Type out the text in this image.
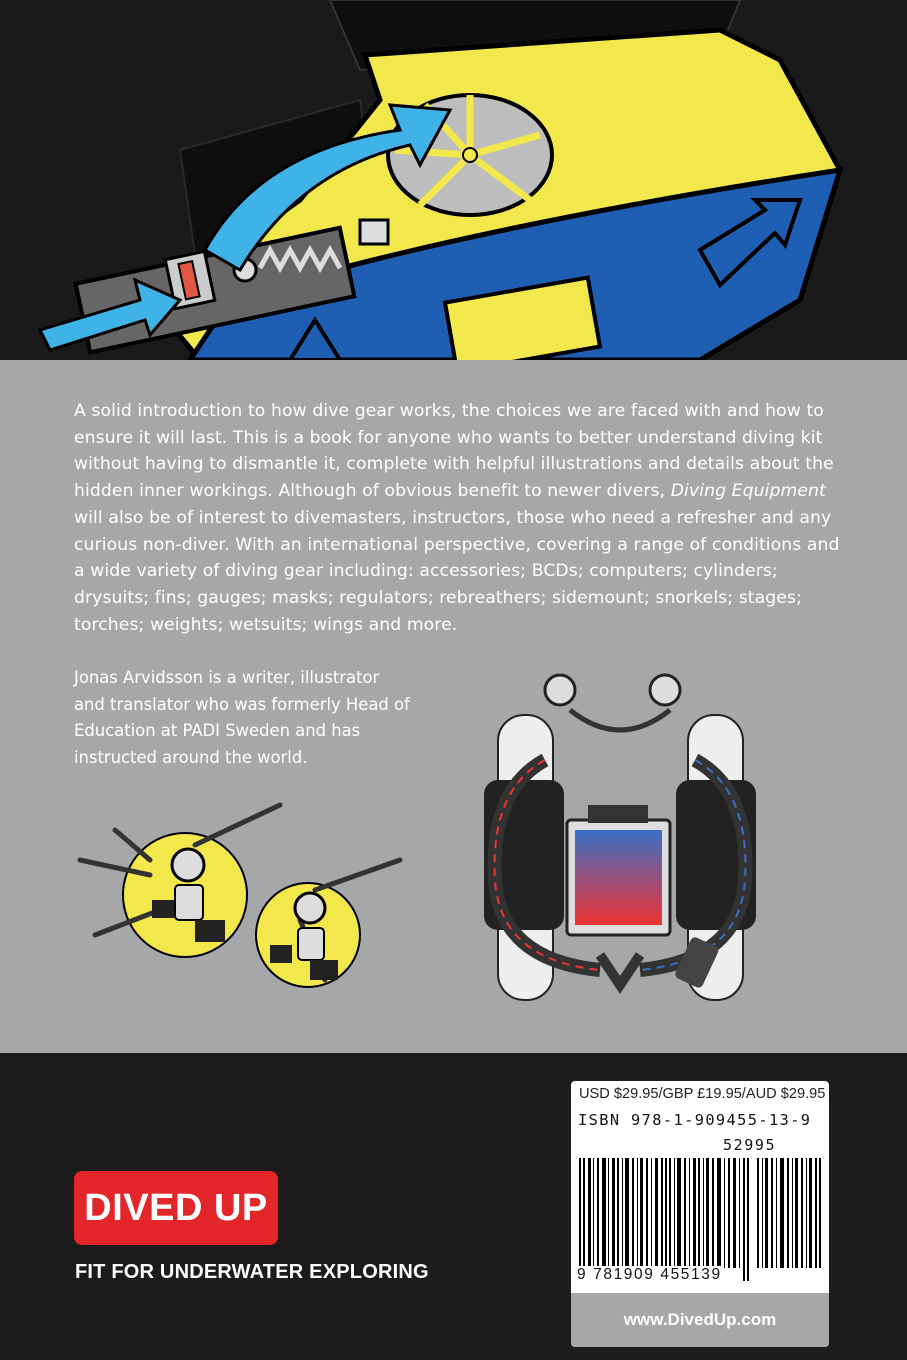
A solid introduction to how dive gear works, the choices we are faced with and how to ensure it will last. This is a book for anyone who wants to better understand diving kit without having to dismantle it, complete with helpful illustrations and details about the hidden inner workings. Although of obvious benefit to newer divers, Diving Equipment will also be of interest to divemasters, instructors, those who need a refresher and any curious non-diver. With an international perspective, covering a range of conditions and a wide variety of diving gear including: accessories; BCDs; computers; cylinders; drysuits; fins; gauges; masks; regulators; rebreathers; sidemount; snorkels; stages; torches; weights; wetsuits; wings and more.

Jonas Arvidsson is a writer, illustrator and translator who was formerly Head of Education at PADI Sweden and has instructed around the world.

DIVED UP
FIT FOR UNDERWATER EXPLORING
USD $29.95/GBP £19.95/AUD $29.95
ISBN 978-1-909455-13-9
52995
9 781909 455139
www.DivedUp.com
